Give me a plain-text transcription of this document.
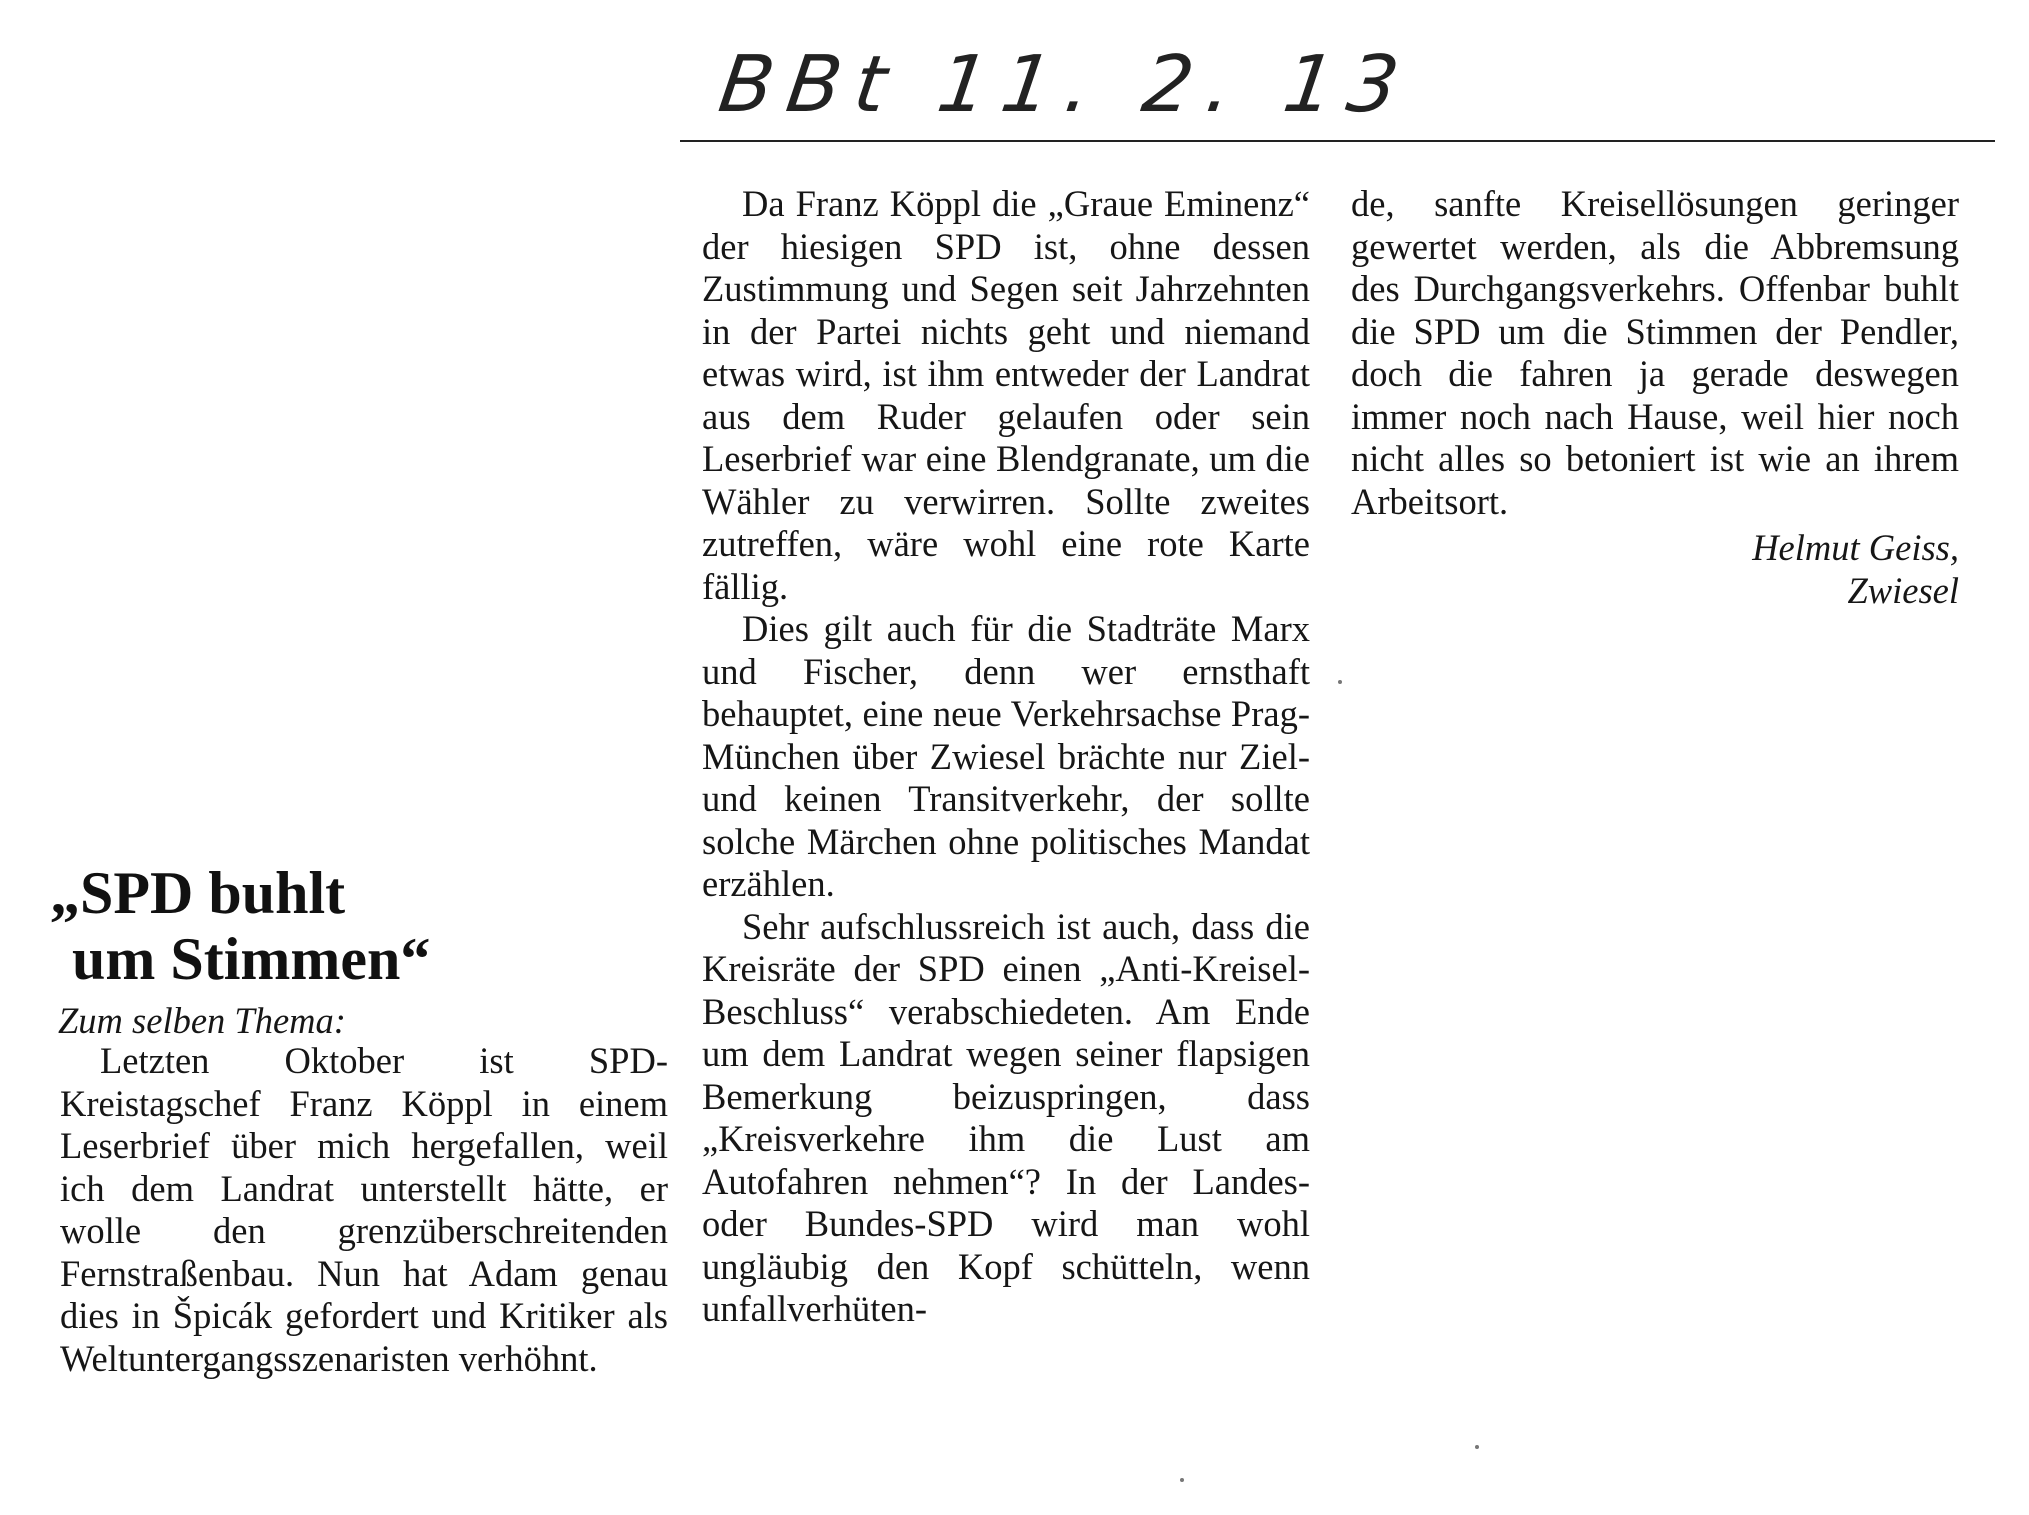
BBt 11. 2. 13
„SPD buhlt
um Stimmen“
Zum selben Thema:

Letzten Oktober ist SPD-Kreistagschef Franz Köppl in einem Leserbrief über mich hergefallen, weil ich dem Landrat unterstellt hätte, er wolle den grenzüberschreitenden Fernstraßenbau. Nun hat Adam genau dies in Špicák gefordert und Kritiker als Weltuntergangsszenaristen verhöhnt.

Da Franz Köppl die „Graue Eminenz“ der hiesigen SPD ist, ohne dessen Zustimmung und Segen seit Jahrzehnten in der Partei nichts geht und niemand etwas wird, ist ihm entweder der Landrat aus dem Ruder gelaufen oder sein Leserbrief war eine Blendgranate, um die Wähler zu verwirren. Sollte zweites zutreffen, wäre wohl eine rote Karte fällig.

Dies gilt auch für die Stadträte Marx und Fischer, denn wer ernsthaft behauptet, eine neue Verkehrsachse Prag-München über Zwiesel brächte nur Ziel- und keinen Transitverkehr, der sollte solche Märchen ohne politisches Mandat erzählen.

Sehr aufschlussreich ist auch, dass die Kreisräte der SPD einen „Anti-Kreisel-Beschluss“ verabschiedeten. Am Ende um dem Landrat wegen seiner flapsigen Bemerkung beizuspringen, dass „Kreisverkehre ihm die Lust am Autofahren nehmen“? In der Landes- oder Bundes-SPD wird man wohl ungläubig den Kopf schütteln, wenn unfallverhüten-

de, sanfte Kreisellösungen geringer gewertet werden, als die Abbremsung des Durchgangsverkehrs. Offenbar buhlt die SPD um die Stimmen der Pendler, doch die fahren ja gerade deswegen immer noch nach Hause, weil hier noch nicht alles so betoniert ist wie an ihrem Arbeitsort.

Helmut Geiss,
Zwiesel
